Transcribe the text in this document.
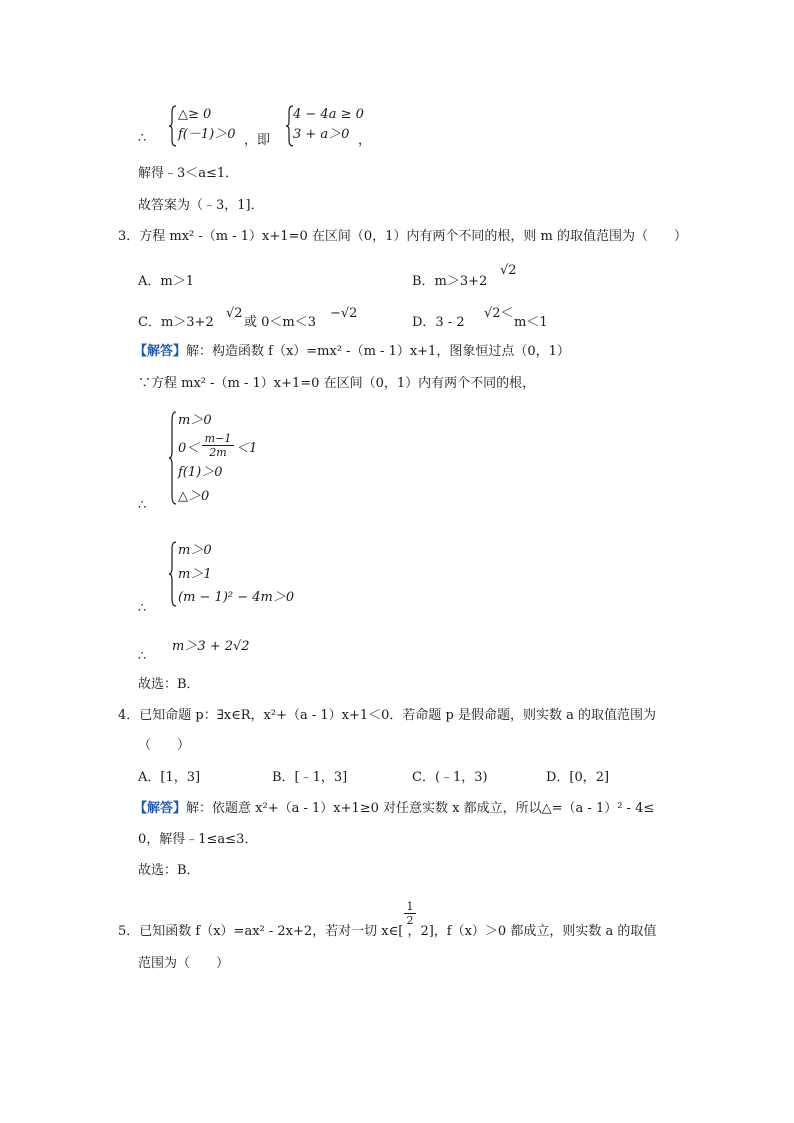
∴
△≥ 0
f(－1)＞0 ，即
4 − 4a ≥ 0
3 + a＞0 ，
解得﹣3＜a≤1．
故答案为（﹣3，1]．
3．方程 mx² -（m - 1）x+1=0 在区间（0，1）内有两个不同的根，则 m 的取值范围为（　　）
A．m＞1	B．m＞3+2
√2
C．m＞3+2
√2
或 0＜m＜3
−√2
D．3 - 2
√2＜
m＜1
【解答】解：构造函数 f（x）=mx² -（m - 1）x+1，图象恒过点（0，1）
∵方程 mx² -（m - 1）x+1=0 在区间（0，1）内有两个不同的根，
m＞0
$0< \frac{m-1}{2m} <1$
f(1)＞0
△＞0
∴
m＞0
m＞1
(m − 1)² − 4m＞0
∴
∴
m＞3 + 2√2
故选：B．
4．已知命题 p：∃x∈R，x²+（a - 1）x+1＜0．若命题 p 是假命题，则实数 a 的取值范围为
（　　）
A．[1，3]	B．[﹣1，3]	C．(﹣1，3)	D．[0，2]
【解答】解：依题意 x²+（a - 1）x+1≥0 对任意实数 x 都成立，所以△=（a - 1）² - 4≤
0，解得﹣1≤a≤3．
故选：B．
$\frac{1}{2}$
5．已知函数 f（x）=ax² - 2x+2，若对一切 x∈[ ，2]，f（x）＞0 都成立，则实数 a 的取值
范围为（　　）
